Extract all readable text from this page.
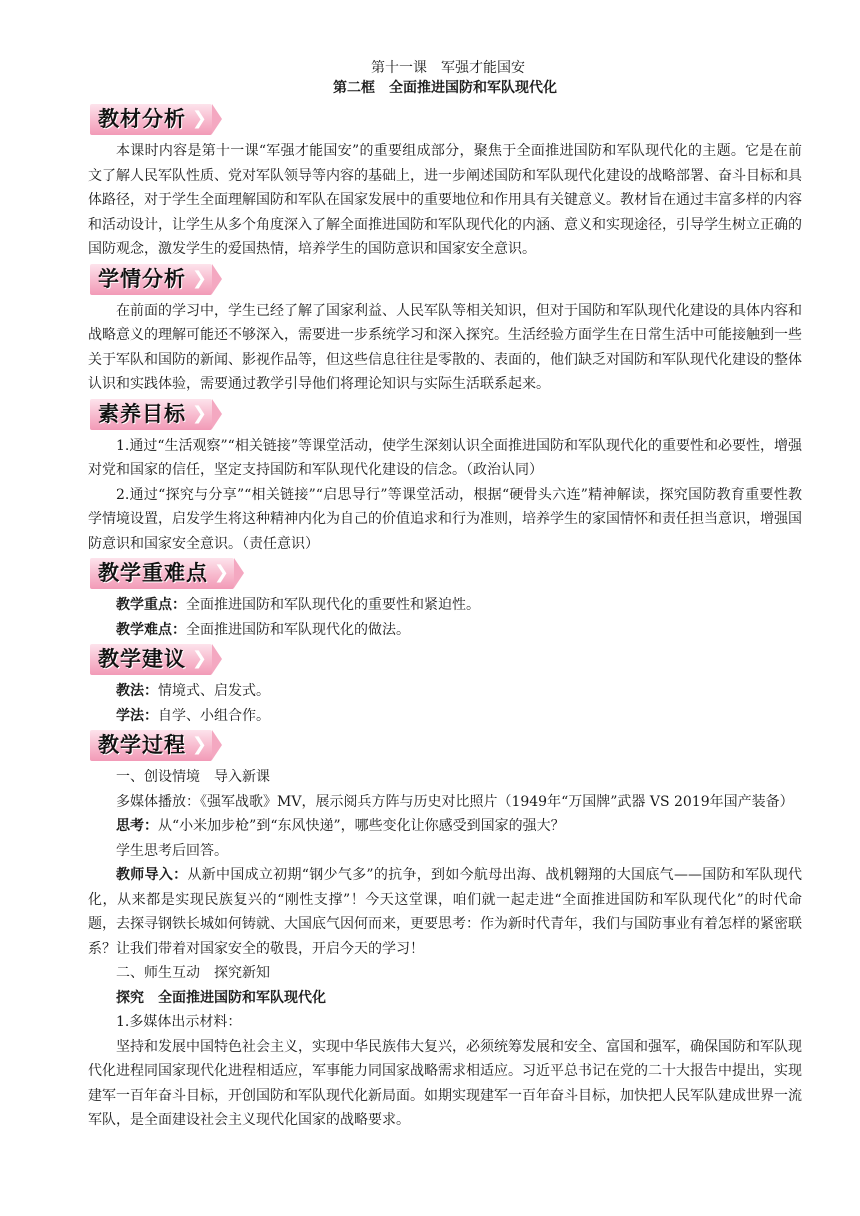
第十一课　军强才能国安
第二框　全面推进国防和军队现代化
教材分析 ❯

本课时内容是第十一课“军强才能国安”的重要组成部分，聚焦于全面推进国防和军队现代化的主题。它是在前文了解人民军队性质、党对军队领导等内容的基础上，进一步阐述国防和军队现代化建设的战略部署、奋斗目标和具体路径，对于学生全面理解国防和军队在国家发展中的重要地位和作用具有关键意义。教材旨在通过丰富多样的内容和活动设计，让学生从多个角度深入了解全面推进国防和军队现代化的内涵、意义和实现途径，引导学生树立正确的国防观念，激发学生的爱国热情，培养学生的国防意识和国家安全意识。

学情分析 ❯

在前面的学习中，学生已经了解了国家利益、人民军队等相关知识，但对于国防和军队现代化建设的具体内容和战略意义的理解可能还不够深入，需要进一步系统学习和深入探究。生活经验方面学生在日常生活中可能接触到一些关于军队和国防的新闻、影视作品等，但这些信息往往是零散的、表面的，他们缺乏对国防和军队现代化建设的整体认识和实践体验，需要通过教学引导他们将理论知识与实际生活联系起来。

素养目标 ❯

1.通过“生活观察”“相关链接”等课堂活动，使学生深刻认识全面推进国防和军队现代化的重要性和必要性，增强对党和国家的信任，坚定支持国防和军队现代化建设的信念。（政治认同）

2.通过“探究与分享”“相关链接”“启思导行”等课堂活动，根据“硬骨头六连”精神解读，探究国防教育重要性教学情境设置，启发学生将这种精神内化为自己的价值追求和行为准则，培养学生的家国情怀和责任担当意识，增强国防意识和国家安全意识。（责任意识）

教学重难点 ❯

教学重点：全面推进国防和军队现代化的重要性和紧迫性。

教学难点：全面推进国防和军队现代化的做法。

教学建议 ❯

教法：情境式、启发式。

学法：自学、小组合作。

教学过程 ❯

一、创设情境　导入新课

多媒体播放：《强军战歌》MV，展示阅兵方阵与历史对比照片（1949年“万国牌”武器 VS 2019年国产装备）

思考：从“小米加步枪”到“东风快递”，哪些变化让你感受到国家的强大？

学生思考后回答。

教师导入：从新中国成立初期“钢少气多”的抗争，到如今航母出海、战机翱翔的大国底气——国防和军队现代化，从来都是实现民族复兴的“刚性支撑”！今天这堂课，咱们就一起走进“全面推进国防和军队现代化”的时代命题，去探寻钢铁长城如何铸就、大国底气因何而来，更要思考：作为新时代青年，我们与国防事业有着怎样的紧密联系？让我们带着对国家安全的敬畏，开启今天的学习！

二、师生互动　探究新知

探究　全面推进国防和军队现代化

1.多媒体出示材料：

坚持和发展中国特色社会主义，实现中华民族伟大复兴，必须统筹发展和安全、富国和强军，确保国防和军队现代化进程同国家现代化进程相适应，军事能力同国家战略需求相适应。习近平总书记在党的二十大报告中提出，实现建军一百年奋斗目标，开创国防和军队现代化新局面。如期实现建军一百年奋斗目标，加快把人民军队建成世界一流军队，是全面建设社会主义现代化国家的战略要求。
